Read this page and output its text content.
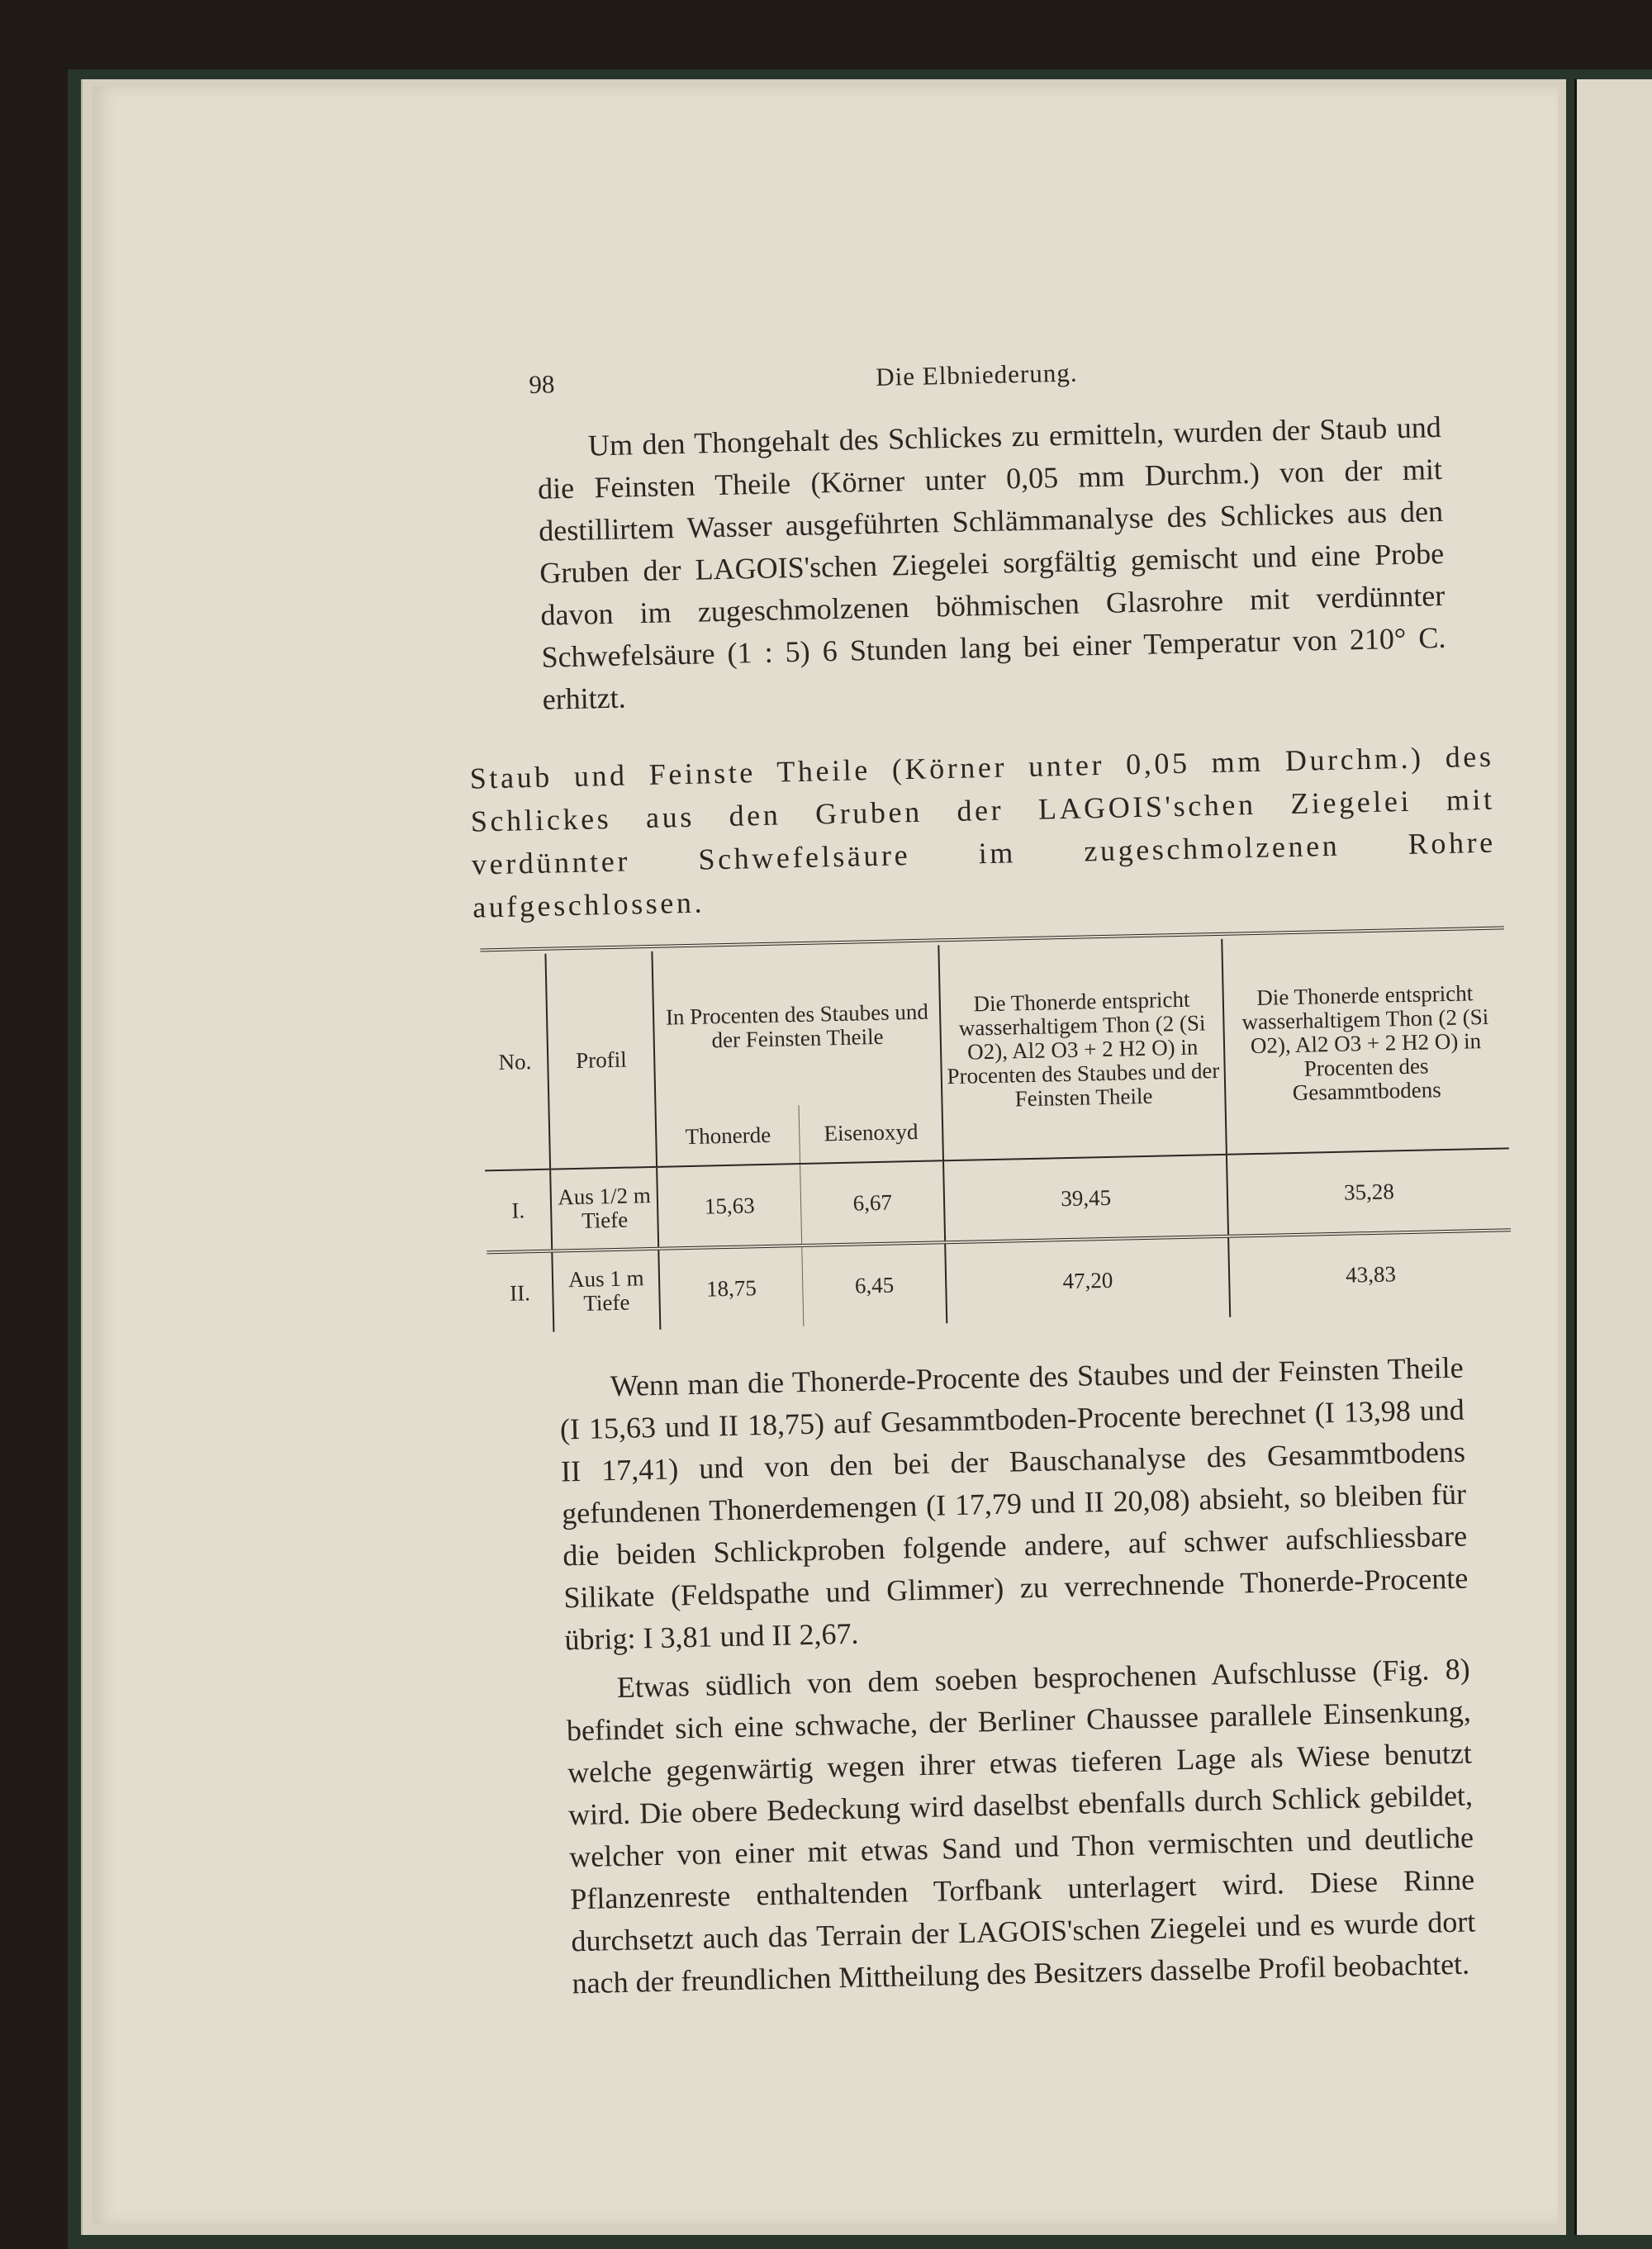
98	Die Elbniederung.

Um den Thongehalt des Schlickes zu ermitteln, wurden der Staub und die Feinsten Theile (Körner unter 0,05 mm Durchm.) von der mit destillirtem Wasser ausgeführten Schlämmanalyse des Schlickes aus den Gruben der LAGOIS'schen Ziegelei sorgfältig gemischt und eine Probe davon im zugeschmolzenen böhmischen Glasrohre mit verdünnter Schwefelsäure (1 : 5) 6 Stunden lang bei einer Temperatur von 210° C. erhitzt.

Staub und Feinste Theile (Körner unter 0,05 mm Durchm.) des Schlickes aus den Gruben der LAGOIS'schen Ziegelei mit verdünnter Schwefelsäure im zugeschmolzenen Rohre aufgeschlossen.

No.	Profil	In Procenten des Staubes und der Feinsten Theile		Die Thonerde entspricht wasserhaltigem Thon (2 (Si O2), Al2 O3 + 2 H2 O) in Procenten des Staubes und der Feinsten Theile	Die Thonerde entspricht wasserhaltigem Thon (2 (Si O2), Al2 O3 + 2 H2 O) in Procenten des Gesammtbodens
		Thonerde	Eisenoxyd		
I.	Aus 1/2 m Tiefe	15,63	6,67	39,45	35,28
II.	Aus 1 m Tiefe	18,75	6,45	47,20	43,83

Wenn man die Thonerde-Procente des Staubes und der Feinsten Theile (I 15,63 und II 18,75) auf Gesammtboden-Procente berechnet (I 13,98 und II 17,41) und von den bei der Bauschanalyse des Gesammtbodens gefundenen Thonerdemengen (I 17,79 und II 20,08) absieht, so bleiben für die beiden Schlickproben folgende andere, auf schwer aufschliessbare Silikate (Feldspathe und Glimmer) zu verrechnende Thonerde-Procente übrig: I 3,81 und II 2,67.

Etwas südlich von dem soeben besprochenen Aufschlusse (Fig. 8) befindet sich eine schwache, der Berliner Chaussee parallele Einsenkung, welche gegenwärtig wegen ihrer etwas tieferen Lage als Wiese benutzt wird. Die obere Bedeckung wird daselbst ebenfalls durch Schlick gebildet, welcher von einer mit etwas Sand und Thon vermischten und deutliche Pflanzenreste enthaltenden Torfbank unterlagert wird. Diese Rinne durchsetzt auch das Terrain der LAGOIS'schen Ziegelei und es wurde dort nach der freundlichen Mittheilung des Besitzers dasselbe Profil beobachtet.
